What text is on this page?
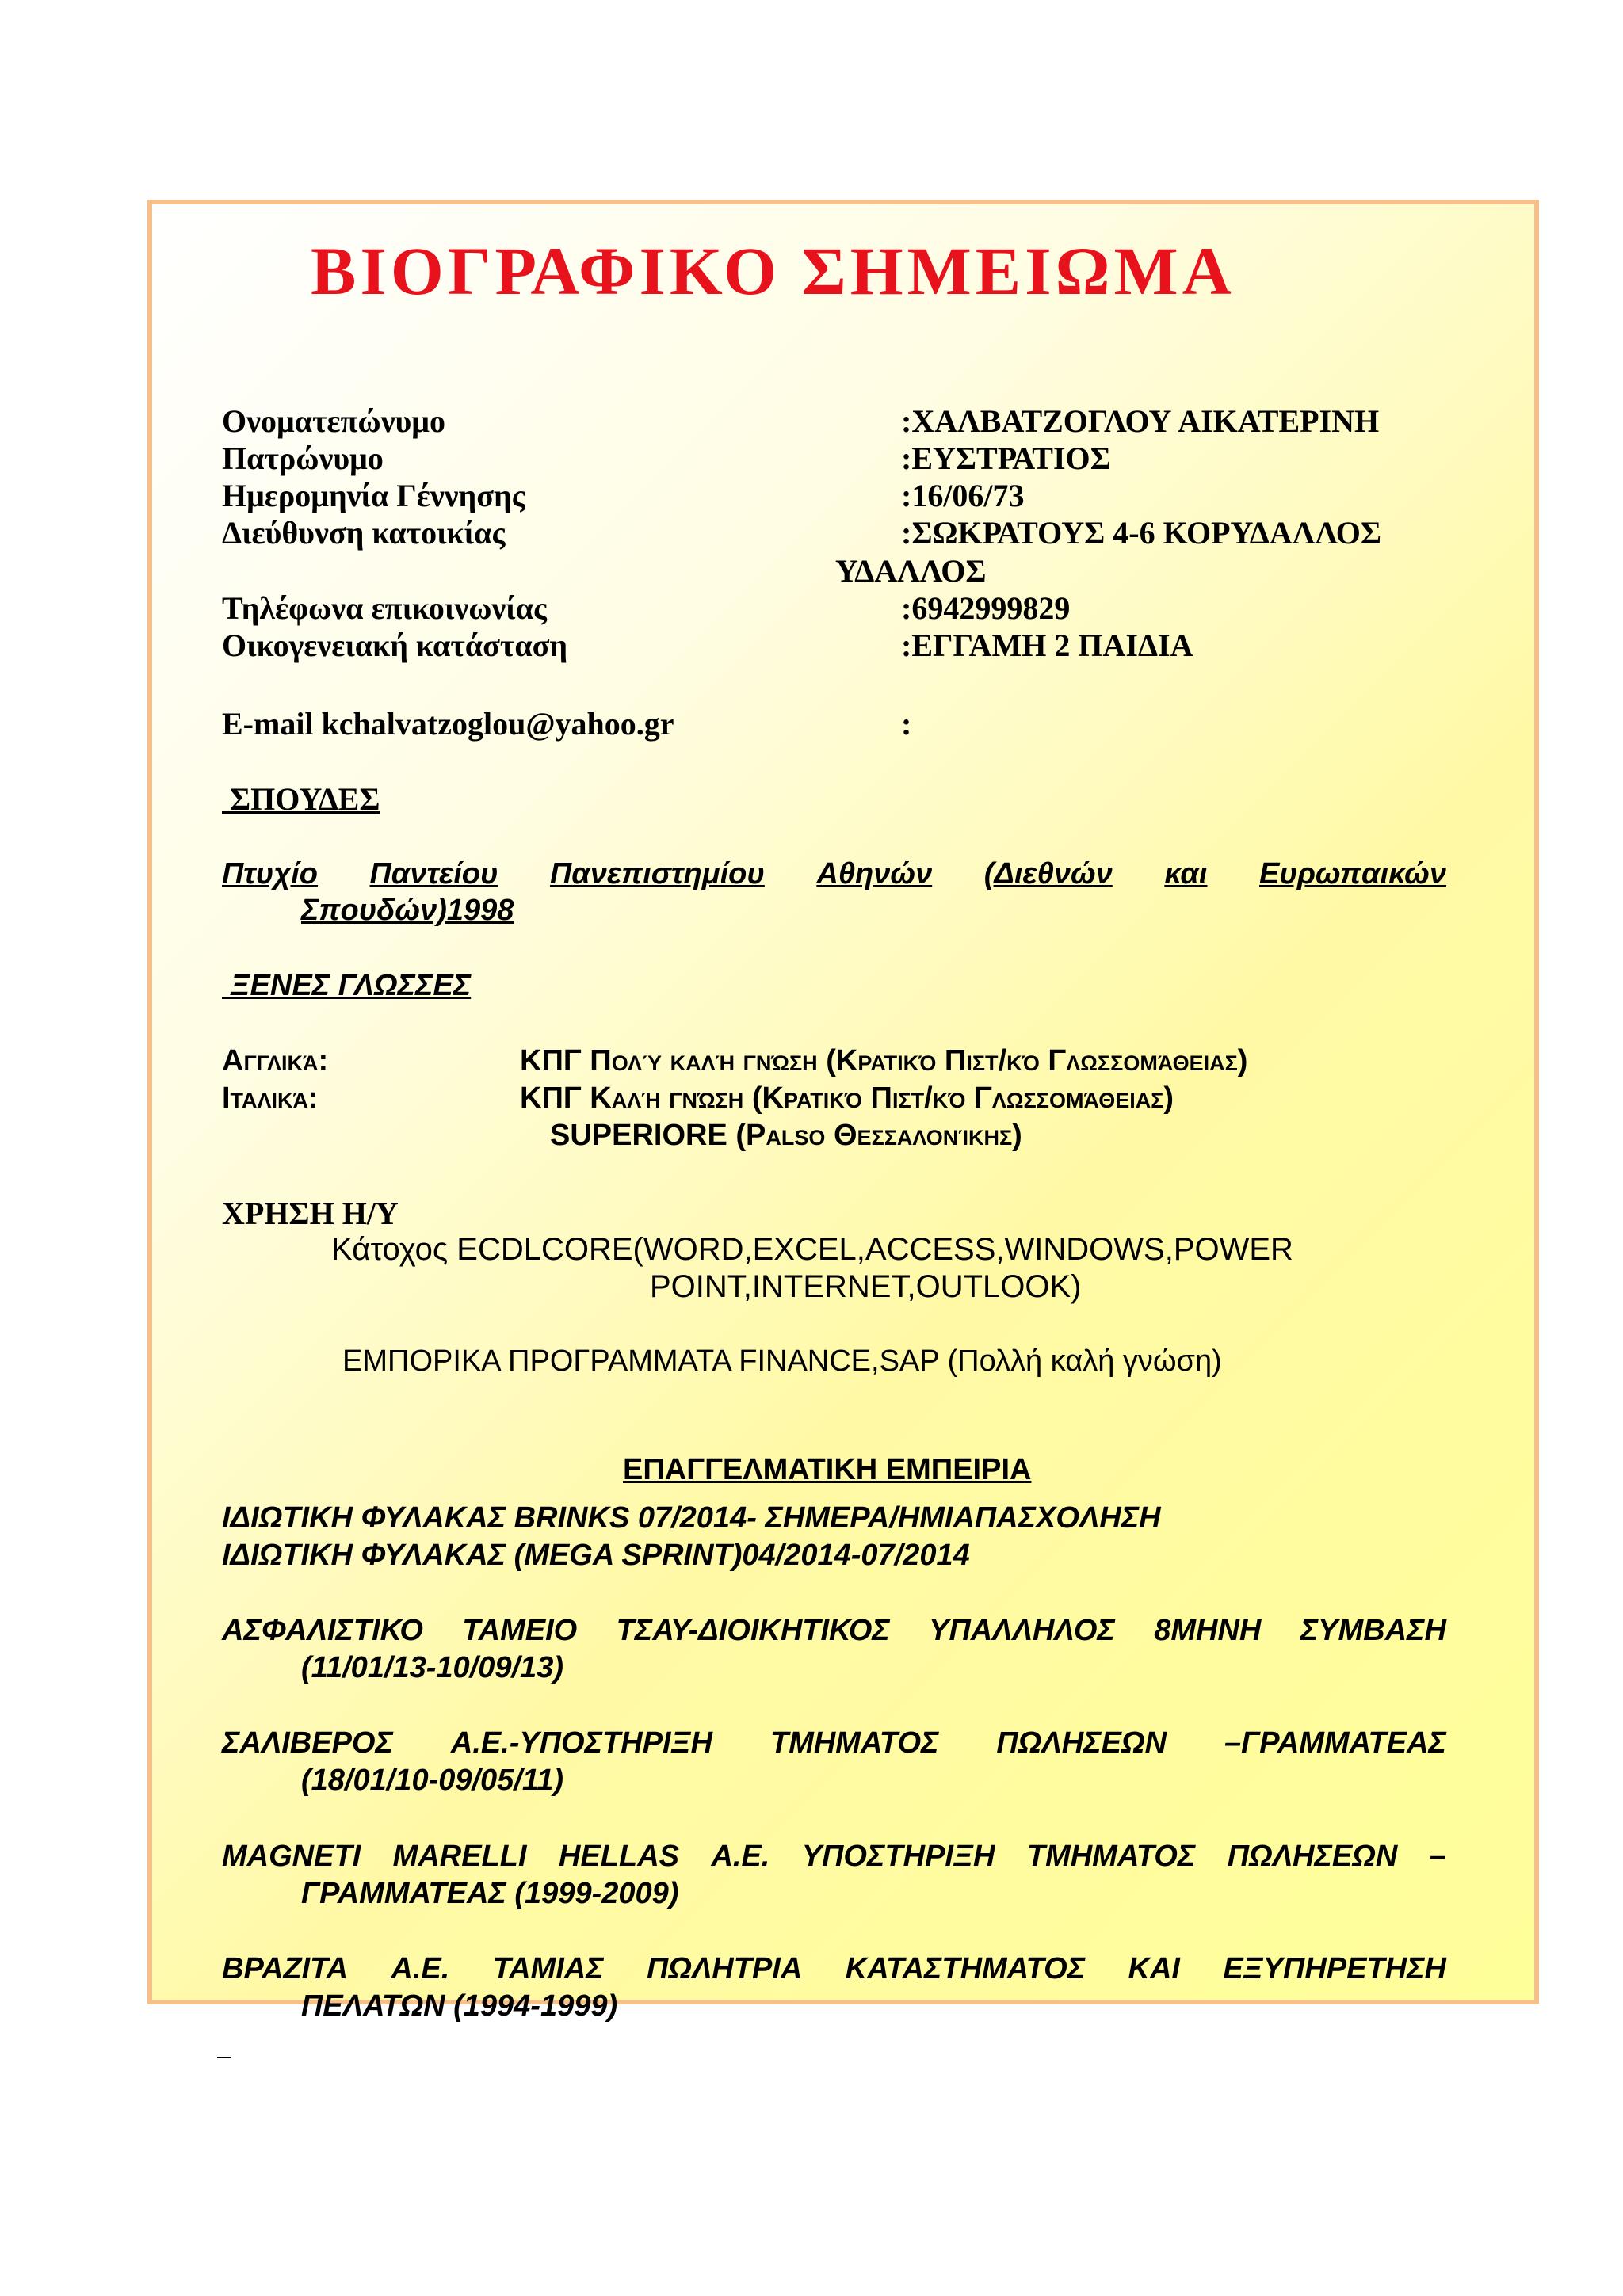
ΒΙΟΓΡΑΦΙΚΟ ΣΗΜΕΙΩΜΑ
Ονοματεπώνυμο	:ΧΑΛΒΑΤΖΟΓΛΟΥ ΑΙΚΑΤΕΡΙΝΗ
Πατρώνυμο	:ΕΥΣΤΡΑΤΙΟΣ
Ημερομηνία Γέννησης	:16/06/73
Διεύθυνση κατοικίας	:ΣΩΚΡΑΤΟΥΣ 4-6 ΚΟΡΥΔΑΛΛΟΣ
ΥΔΑΛΛΟΣ
Τηλέφωνα επικοινωνίας	:6942999829
Οικογενειακή κατάσταση	:ΕΓΓΑΜΗ 2 ΠΑΙΔΙΑ
E-mail kchalvatzoglou@yahoo.gr	:
ΣΠΟΥΔΕΣ
Πτυχίο Παντείου Πανεπιστημίου Αθηνών (Διεθνών και Ευρωπαικών
Σπουδών)1998
ΞΕΝΕΣ ΓΛΩΣΣΕΣ
Αγγλικά:	ΚΠΓ Πολύ καλή γνώση (Κρατικό Πιστ/κό Γλωσσομάθειας)
Ιταλικά:	ΚΠΓ Καλή γνώση (Κρατικό Πιστ/κό Γλωσσομάθειας)
SUPERIORE (Palso Θεσσαλονίκης)
ΧΡΗΣΗ Η/Υ
Κάτοχος ECDLCORE(WORD,EXCEL,ACCESS,WINDOWS,POWER
POINT,INTERNET,OUTLOOK)
ΕΜΠΟΡΙΚΑ ΠΡΟΓΡΑΜΜΑΤΑ FINANCE,SAP (Πολλή καλή γνώση)
ΕΠΑΓΓΕΛΜΑΤΙΚΗ ΕΜΠΕΙΡΙΑ
ΙΔΙΩΤΙΚΗ ΦΥΛΑΚΑΣ BRINKS 07/2014- ΣΗΜΕΡΑ/ΗΜΙΑΠΑΣΧΟΛΗΣΗ
ΙΔΙΩΤΙΚΗ ΦΥΛΑΚΑΣ (MEGA SPRINT)04/2014-07/2014
ΑΣΦΑΛΙΣΤΙΚΟ ΤΑΜΕΙΟ ΤΣΑΥ-ΔΙΟΙΚΗΤΙΚΟΣ ΥΠΑΛΛΗΛΟΣ 8ΜΗΝΗ ΣΥΜΒΑΣΗ
(11/01/13-10/09/13)
ΣΑΛΙΒΕΡΟΣ Α.Ε.-ΥΠΟΣΤΗΡΙΞΗ ΤΜΗΜΑΤΟΣ ΠΩΛΗΣΕΩΝ –ΓΡΑΜΜΑΤΕΑΣ
(18/01/10-09/05/11)
MAGNETI MARELLI HELLAS A.E. ΥΠΟΣΤΗΡΙΞΗ ΤΜΗΜΑΤΟΣ ΠΩΛΗΣΕΩΝ –
ΓΡΑΜΜΑΤΕΑΣ (1999-2009)
ΒΡΑΖΙΤΑ Α.Ε. ΤΑΜΙΑΣ ΠΩΛΗΤΡΙΑ ΚΑΤΑΣΤΗΜΑΤΟΣ ΚΑΙ ΕΞΥΠΗΡΕΤΗΣΗ
ΠΕΛΑΤΩΝ (1994-1999)
